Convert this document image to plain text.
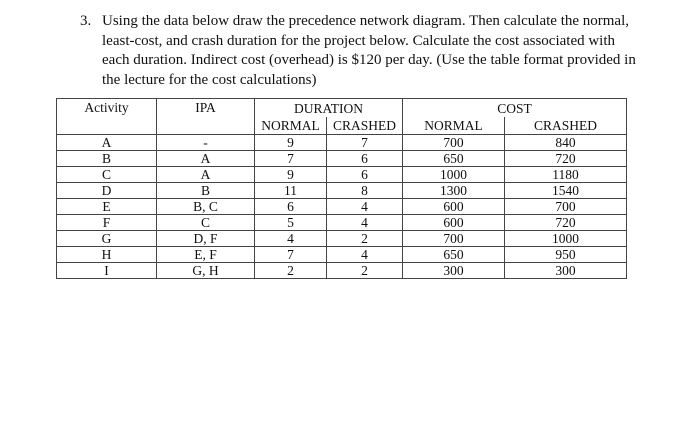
3. Using the data below draw the precedence network diagram. Then calculate the normal,
least-cost, and crash duration for the project below. Calculate the cost associated with
each duration. Indirect cost (overhead) is $120 per day. (Use the table format provided in
the lecture for the cost calculations)
Activity	IPA	DURATION		COST	
		NORMAL	CRASHED	NORMAL	CRASHED
A	-	9	7	700	840
B	A	7	6	650	720
C	A	9	6	1000	1180
D	B	11	8	1300	1540
E	B, C	6	4	600	700
F	C	5	4	600	720
G	D, F	4	2	700	1000
H	E, F	7	4	650	950
I	G, H	2	2	300	300
